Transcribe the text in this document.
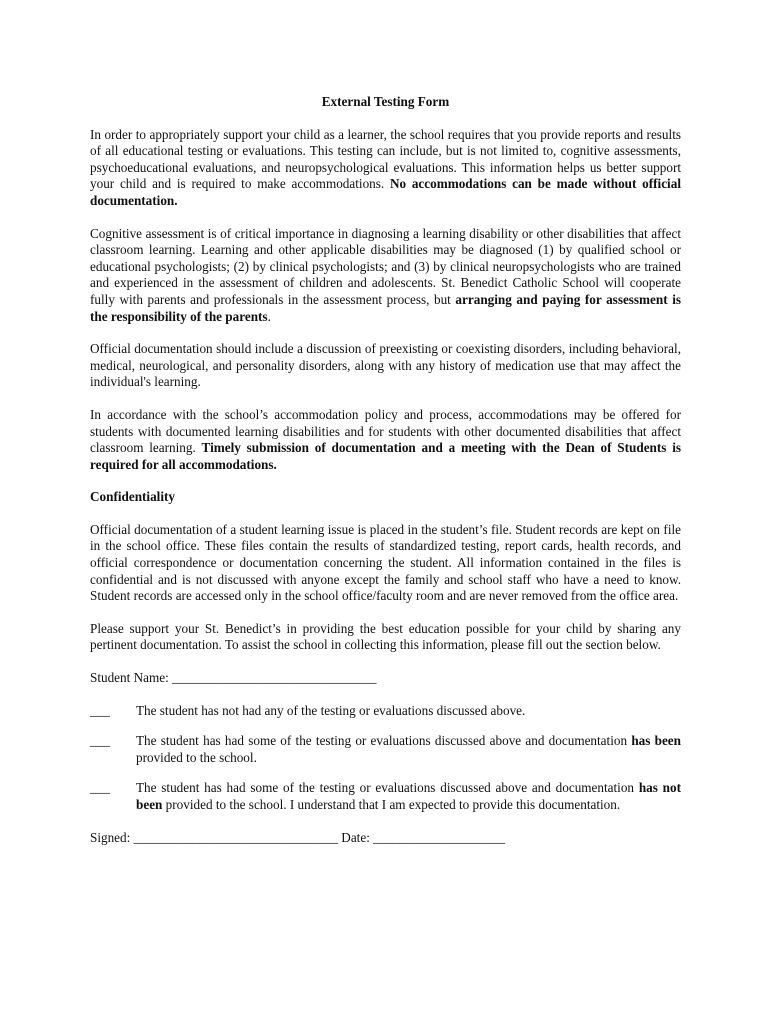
External Testing Form

In order to appropriately support your child as a learner, the school requires that you provide reports and results of all educational testing or evaluations. This testing can include, but is not limited to, cognitive assessments, psychoeducational evaluations, and neuropsychological evaluations. This information helps us better support your child and is required to make accommodations. No accommodations can be made without official documentation.

Cognitive assessment is of critical importance in diagnosing a learning disability or other disabilities that affect classroom learning. Learning and other applicable disabilities may be diagnosed (1) by qualified school or educational psychologists; (2) by clinical psychologists; and (3) by clinical neuropsychologists who are trained and experienced in the assessment of children and adolescents. St. Benedict Catholic School will cooperate fully with parents and professionals in the assessment process, but arranging and paying for assessment is the responsibility of the parents.

Official documentation should include a discussion of preexisting or coexisting disorders, including behavioral, medical, neurological, and personality disorders, along with any history of medication use that may affect the individual's learning.

In accordance with the school’s accommodation policy and process, accommodations may be offered for students with documented learning disabilities and for students with other documented disabilities that affect classroom learning. Timely submission of documentation and a meeting with the Dean of Students is required for all accommodations.

Confidentiality

Official documentation of a student learning issue is placed in the student’s file. Student records are kept on file in the school office. These files contain the results of standardized testing, report cards, health records, and official correspondence or documentation concerning the student. All information contained in the files is confidential and is not discussed with anyone except the family and school staff who have a need to know. Student records are accessed only in the school office/faculty room and are never removed from the office area.

Please support your St. Benedict’s in providing the best education possible for your child by sharing any pertinent documentation. To assist the school in collecting this information, please fill out the section below.

Student Name: _______________________________
___	The student has not had any of the testing or evaluations discussed above.
___	The student has had some of the testing or evaluations discussed above and documentation has been provided to the school.
___	The student has had some of the testing or evaluations discussed above and documentation has not been provided to the school. I understand that I am expected to provide this documentation.
Signed: _______________________________ Date: ____________________
